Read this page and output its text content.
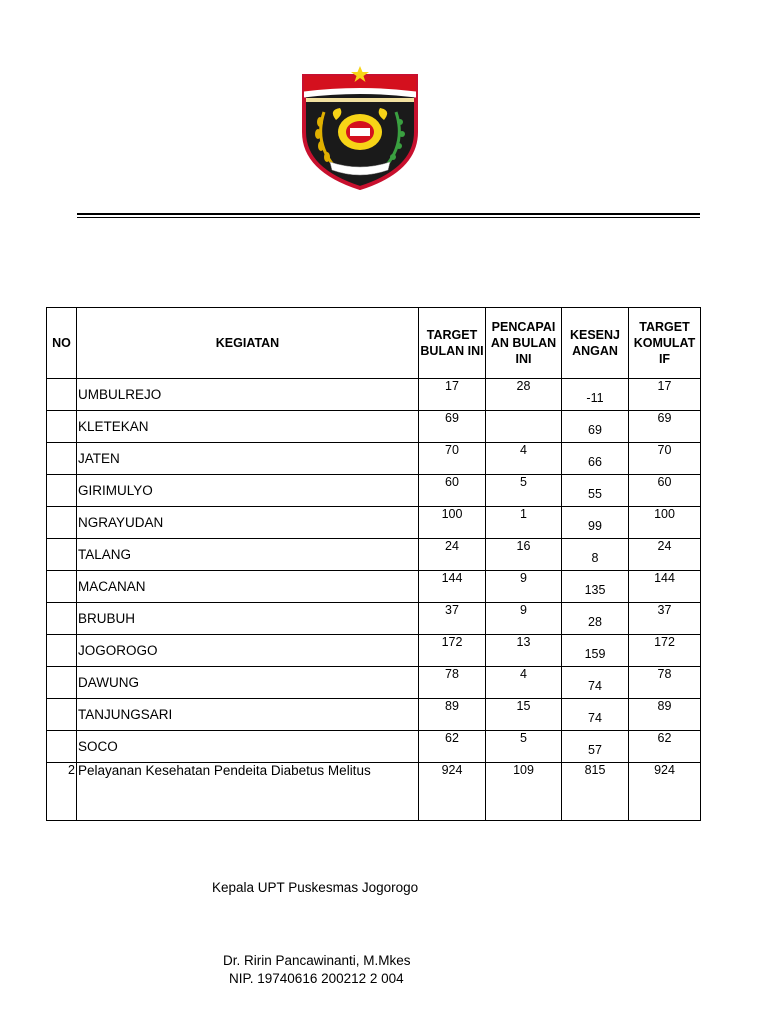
NO	KEGIATAN	TARGET BULAN INI	PENCAPAI AN BULAN INI	KESENJ ANGAN	TARGET KOMULAT IF
	UMBULREJO	17	28	-11	17
	KLETEKAN	69		69	69
	JATEN	70	4	66	70
	GIRIMULYO	60	5	55	60
	NGRAYUDAN	100	1	99	100
	TALANG	24	16	8	24
	MACANAN	144	9	135	144
	BRUBUH	37	9	28	37
	JOGOROGO	172	13	159	172
	DAWUNG	78	4	74	78
	TANJUNGSARI	89	15	74	89
	SOCO	62	5	57	62
2	Pelayanan Kesehatan Pendeita Diabetus Melitus	924	109	815	924
Kepala UPT Puskesmas Jogorogo
Dr. Ririn Pancawinanti, M.Mkes
NIP. 19740616 200212 2 004
